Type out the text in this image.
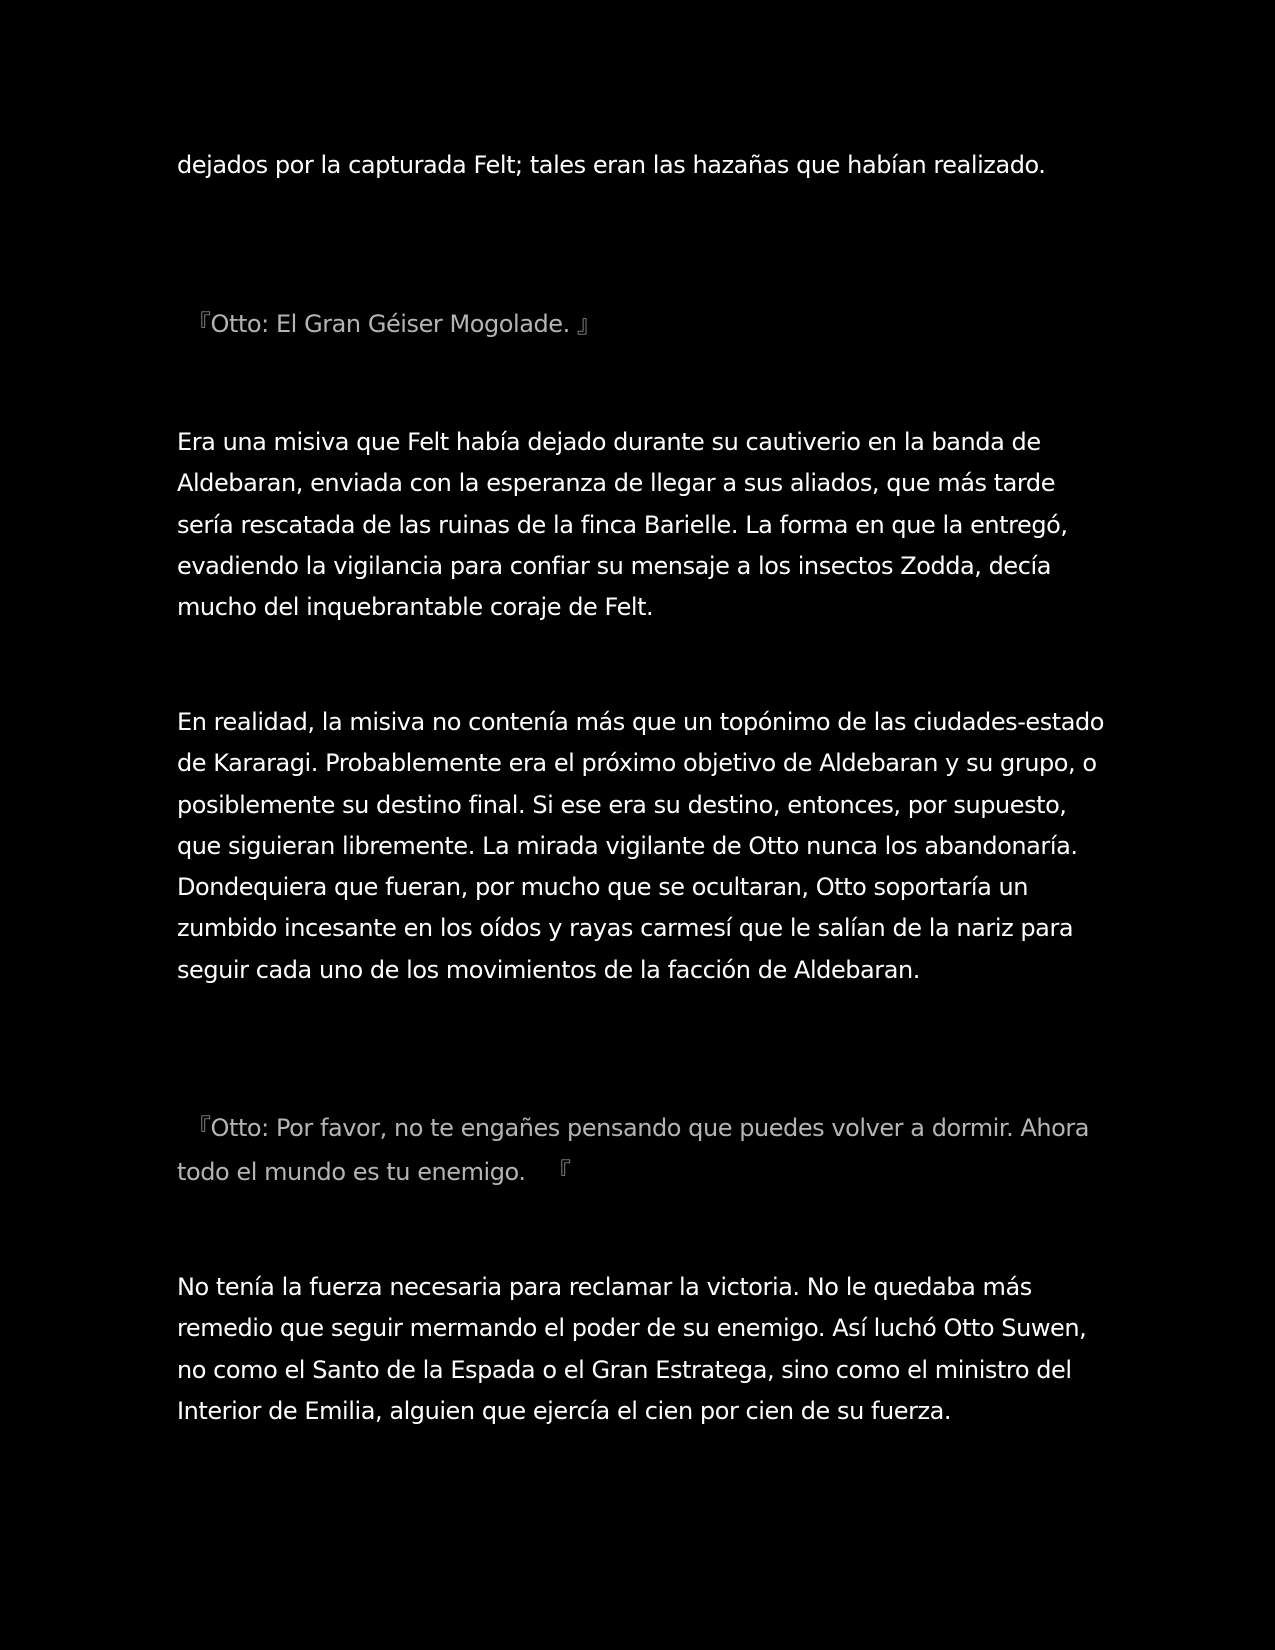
dejados por la capturada Felt; tales eran las hazañas que habían realizado.

『Otto: El Gran Géiser Mogolade. 』

Era una misiva que Felt había dejado durante su cautiverio en la banda de Aldebaran, enviada con la esperanza de llegar a sus aliados, que más tarde sería rescatada de las ruinas de la finca Barielle. La forma en que la entregó, evadiendo la vigilancia para confiar su mensaje a los insectos Zodda, decía mucho del inquebrantable coraje de Felt.

En realidad, la misiva no contenía más que un topónimo de las ciudades-estado de Kararagi. Probablemente era el próximo objetivo de Aldebaran y su grupo, o posiblemente su destino final. Si ese era su destino, entonces, por supuesto, que siguieran libremente. La mirada vigilante de Otto nunca los abandonaría. Dondequiera que fueran, por mucho que se ocultaran, Otto soportaría un zumbido incesante en los oídos y rayas carmesí que le salían de la nariz para seguir cada uno de los movimientos de la facción de Aldebaran.

『Otto: Por favor, no te engañes pensando que puedes volver a dormir. Ahora todo el mundo es tu enemigo.   『

No tenía la fuerza necesaria para reclamar la victoria. No le quedaba más remedio que seguir mermando el poder de su enemigo. Así luchó Otto Suwen, no como el Santo de la Espada o el Gran Estratega, sino como el ministro del Interior de Emilia, alguien que ejercía el cien por cien de su fuerza.
